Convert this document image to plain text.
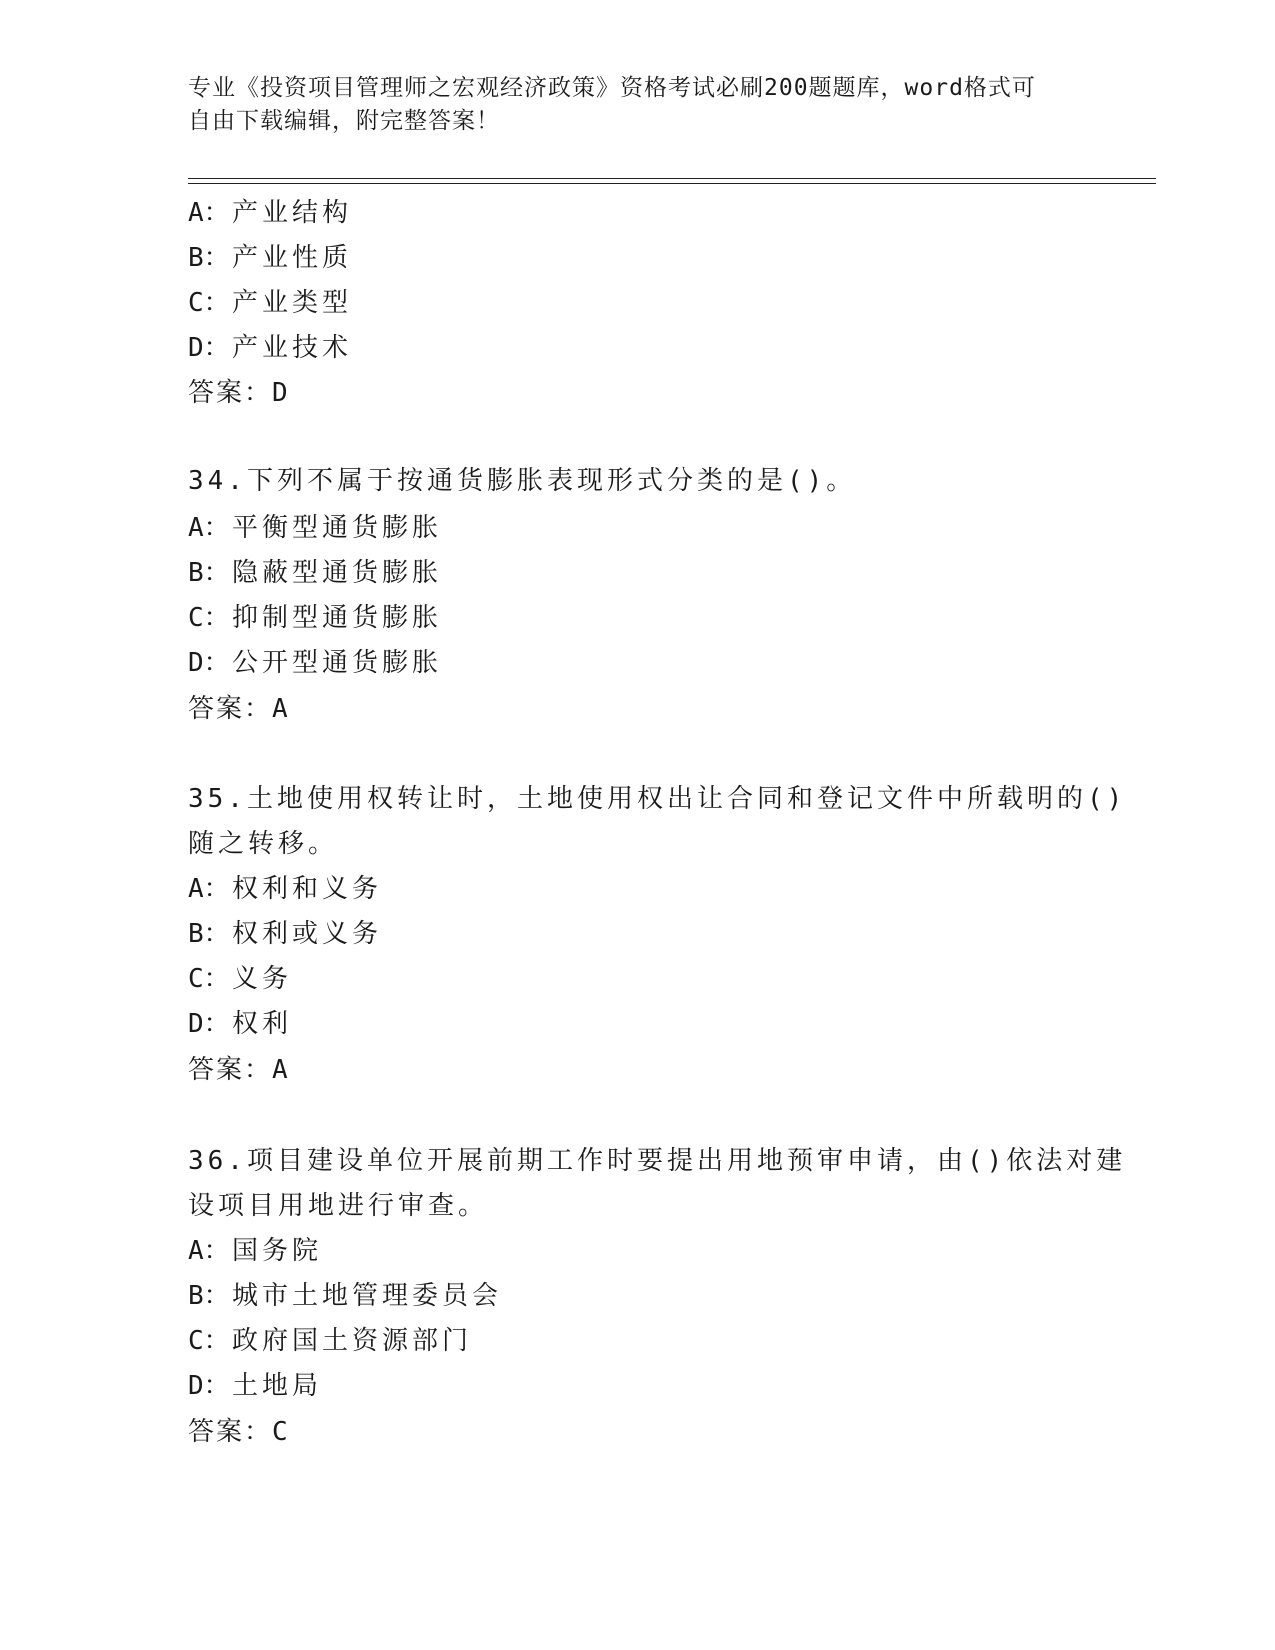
专业《投资项目管理师之宏观经济政策》资格考试必刷200题题库，word格式可
自由下载编辑，附完整答案！
A：产业结构
B：产业性质
C：产业类型
D：产业技术
答案：D
34.下列不属于按通货膨胀表现形式分类的是()。
A：平衡型通货膨胀
B：隐蔽型通货膨胀
C：抑制型通货膨胀
D：公开型通货膨胀
答案：A
35.土地使用权转让时，土地使用权出让合同和登记文件中所载明的()
随之转移。
A：权利和义务
B：权利或义务
C：义务
D：权利
答案：A
36.项目建设单位开展前期工作时要提出用地预审申请，由()依法对建
设项目用地进行审查。
A：国务院
B：城市土地管理委员会
C：政府国土资源部门
D：土地局
答案：C
